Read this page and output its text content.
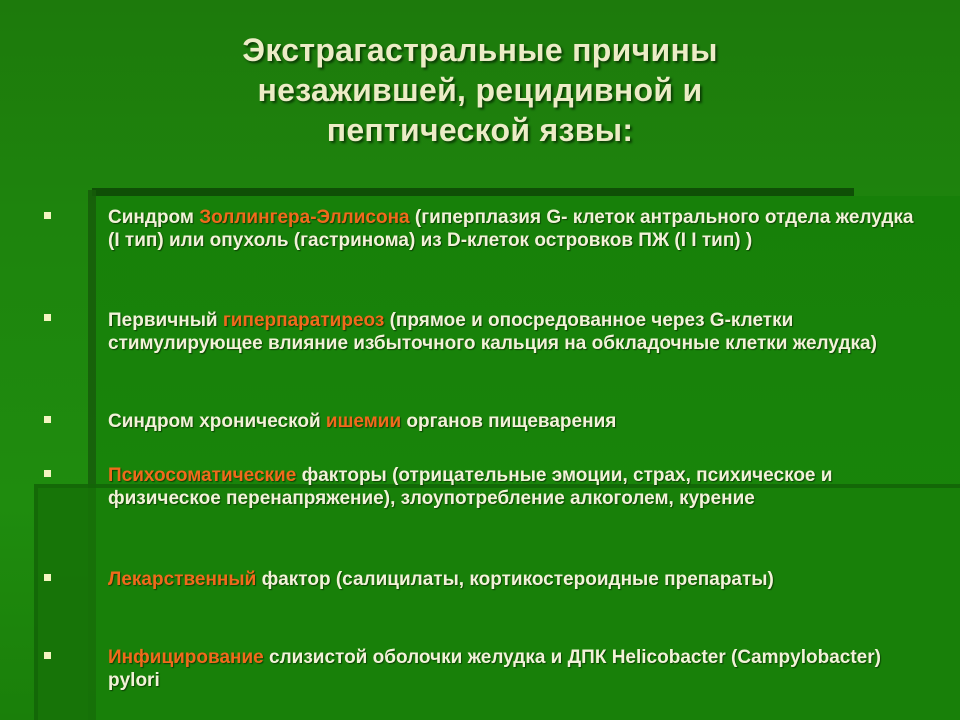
Экстрагастральные причины
незажившей, рецидивной и
пептической язвы:
Синдром Золлингера-Эллисона (гиперплазия G- клеток антрального отдела желудка (I тип) или опухоль (гастринома) из D-клеток островков ПЖ (I I тип) )
Первичный гиперпаратиреоз (прямое и опосредованное через G-клетки стимулирующее влияние избыточного кальция на обкладочные клетки желудка)
Синдром хронической ишемии органов пищеварения
Психосоматические факторы (отрицательные эмоции, страх, психическое и физическое перенапряжение), злоупотребление алкоголем, курение
Лекарственный фактор (салицилаты, кортикостероидные препараты)
Инфицирование слизистой оболочки желудка и ДПК Helicobacter (Campylobacter) pylori
